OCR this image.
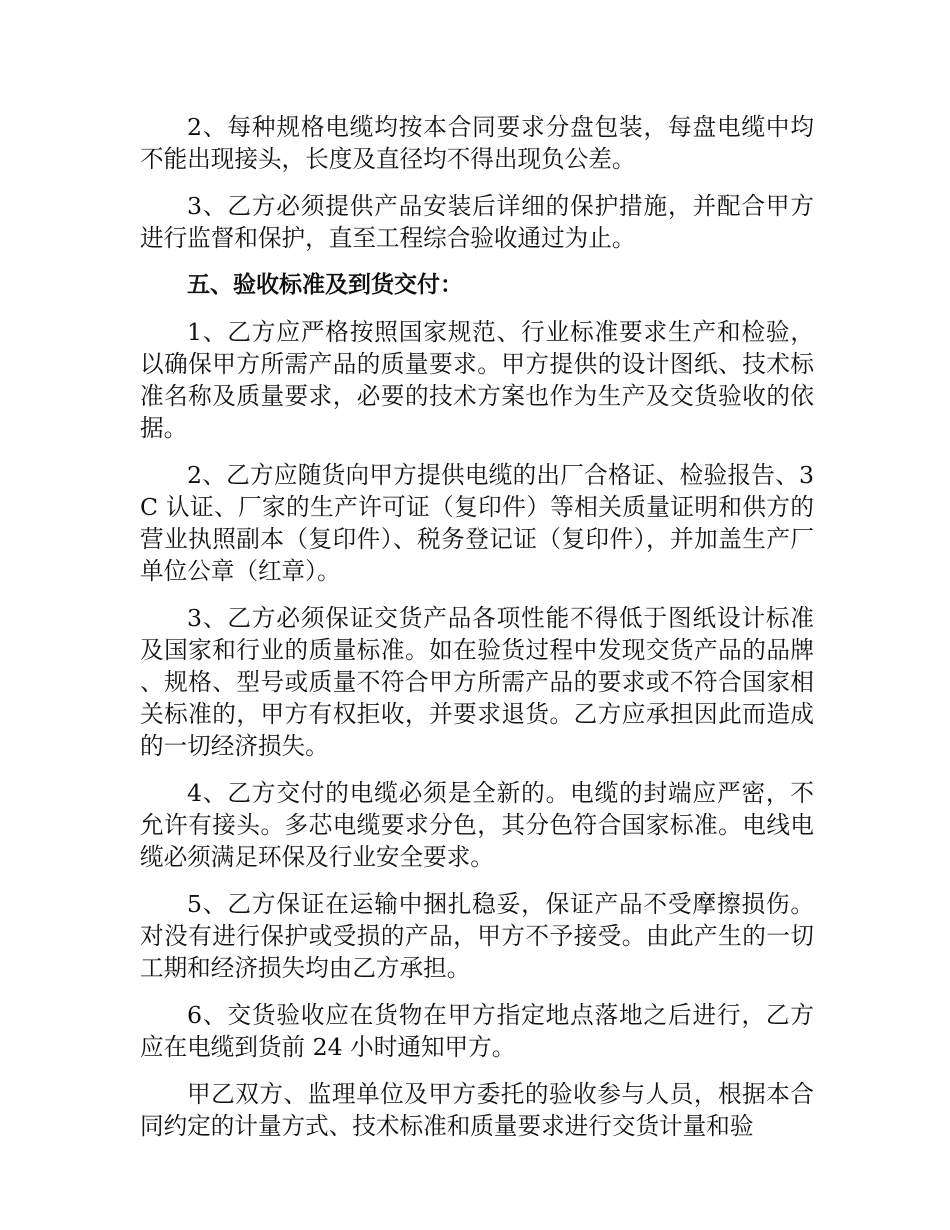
2、每种规格电缆均按本合同要求分盘包装，每盘电缆中均不能出现接头，长度及直径均不得出现负公差。

3、乙方必须提供产品安装后详细的保护措施，并配合甲方进行监督和保护，直至工程综合验收通过为止。

五、验收标准及到货交付：

1、乙方应严格按照国家规范、行业标准要求生产和检验，以确保甲方所需产品的质量要求。甲方提供的设计图纸、技术标准名称及质量要求，必要的技术方案也作为生产及交货验收的依据。

2、乙方应随货向甲方提供电缆的出厂合格证、检验报告、3C 认证、厂家的生产许可证（复印件）等相关质量证明和供方的营业执照副本（复印件）、税务登记证（复印件），并加盖生产厂单位公章（红章）。

3、乙方必须保证交货产品各项性能不得低于图纸设计标准及国家和行业的质量标准。如在验货过程中发现交货产品的品牌、规格、型号或质量不符合甲方所需产品的要求或不符合国家相关标准的，甲方有权拒收，并要求退货。乙方应承担因此而造成的一切经济损失。

4、乙方交付的电缆必须是全新的。电缆的封端应严密，不允许有接头。多芯电缆要求分色，其分色符合国家标准。电线电缆必须满足环保及行业安全要求。

5、乙方保证在运输中捆扎稳妥，保证产品不受摩擦损伤。对没有进行保护或受损的产品，甲方不予接受。由此产生的一切工期和经济损失均由乙方承担。

6、交货验收应在货物在甲方指定地点落地之后进行，乙方应在电缆到货前 24 小时通知甲方。

甲乙双方、监理单位及甲方委托的验收参与人员，根据本合同约定的计量方式、技术标准和质量要求进行交货计量和验
